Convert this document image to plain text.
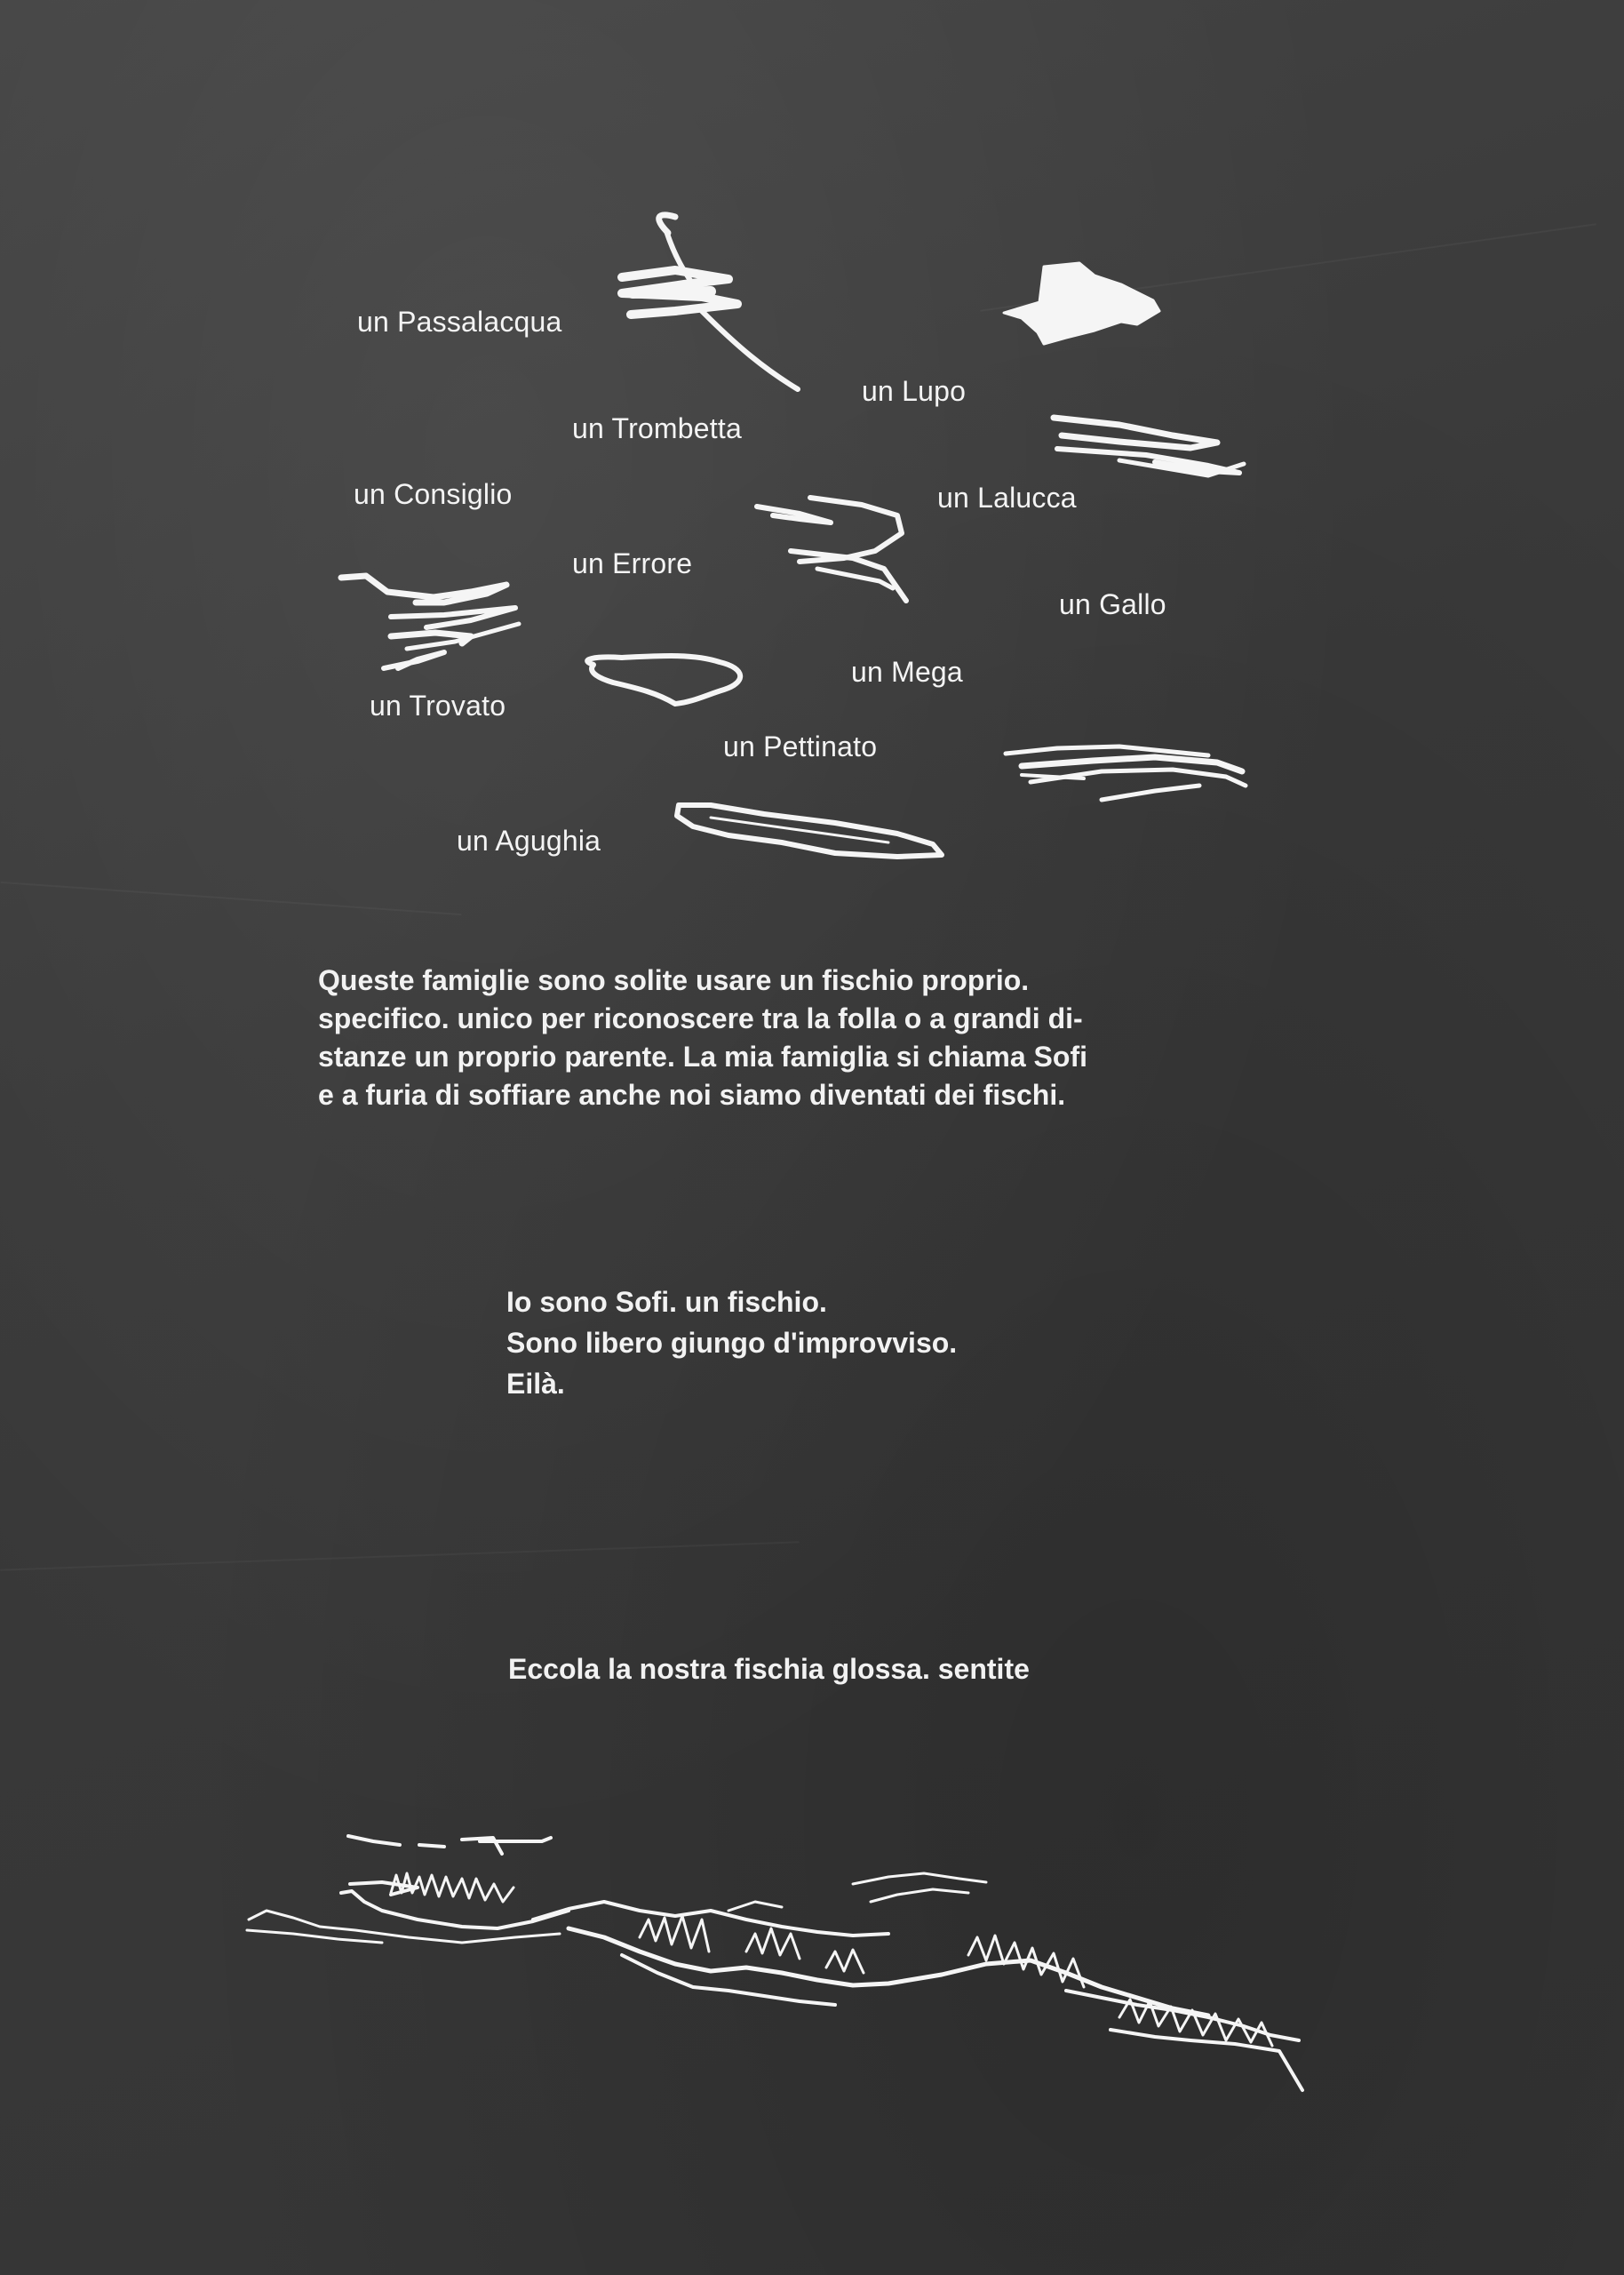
un Passalacqua
un Lupo
un Trombetta
un Consiglio	un Lalucca
un Errore
un Gallo
un Mega
un Trovato
un Pettinato
un Agughia

Queste famiglie sono solite usare un fischio proprio.
specifico. unico per riconoscere tra la folla o a grandi di-
stanze un proprio parente. La mia famiglia si chiama Sofi
e a furia di soffiare anche noi siamo diventati dei fischi.

Io sono Sofi. un fischio.
Sono libero giungo d'improvviso.
Eilà.
Eccola la nostra fischia glossa. sentite
